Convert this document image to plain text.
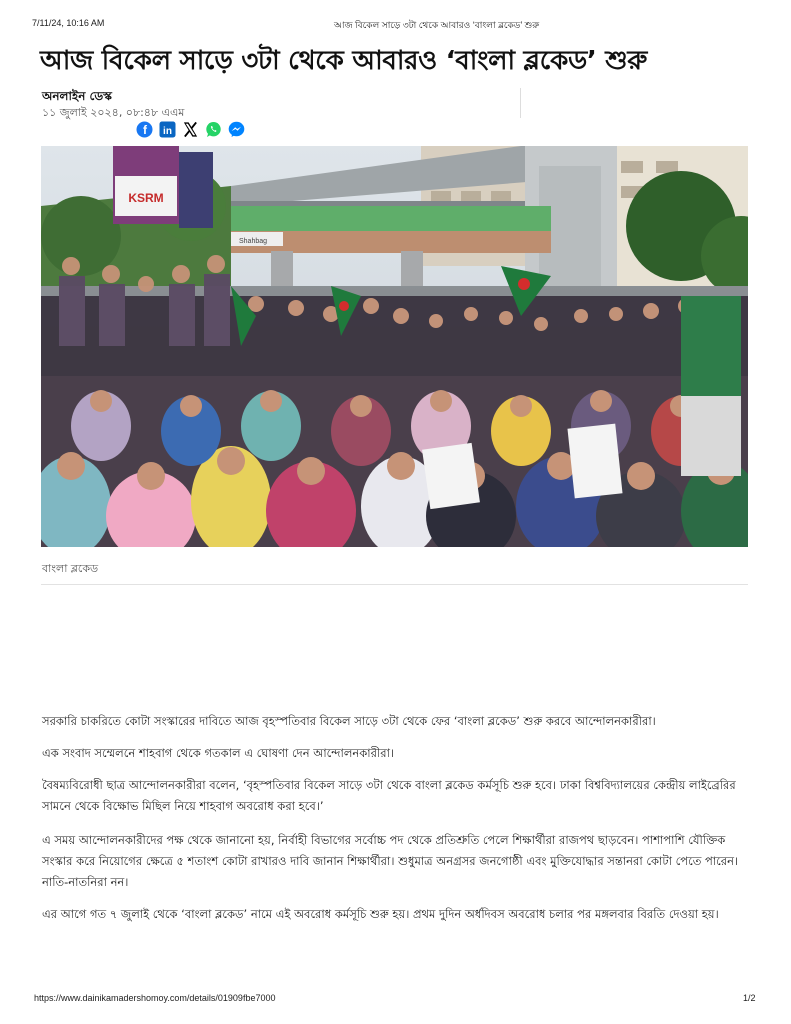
7/11/24, 10:16 AM	আজ বিকেল সাড়ে ৩টা থেকে আবারও ‘বাংলা ব্লকেড’ শুরু
আজ বিকেল সাড়ে ৩টা থেকে আবারও ‘বাংলা ব্লকেড’ শুরু
অনলাইন ডেস্ক
১১ জুলাই ২০২৪, ০৮:৪৮ এএম
f in
Shahbag
KSRM
বাংলা ব্লকেড

সরকারি চাকরিতে কোটা সংস্কারের দাবিতে আজ বৃহস্পতিবার বিকেল সাড়ে ৩টা থেকে ফের ‘বাংলা ব্লকেড’ শুরু করবে আন্দোলনকারীরা।

এক সংবাদ সম্মেলনে শাহবাগ থেকে গতকাল এ ঘোষণা দেন আন্দোলনকারীরা।

বৈষম্যবিরোধী ছাত্র আন্দোলনকারীরা বলেন, ‘বৃহস্পতিবার বিকেল সাড়ে ৩টা থেকে বাংলা ব্লকেড কর্মসূচি শুরু হবে। ঢাকা বিশ্ববিদ্যালয়ের কেন্দ্রীয় লাইব্রেরির সামনে থেকে বিক্ষোভ মিছিল নিয়ে শাহবাগ অবরোধ করা হবে।’

এ সময় আন্দোলনকারীদের পক্ষ থেকে জানানো হয়, নির্বাহী বিভাগের সর্বোচ্চ পদ থেকে প্রতিশ্রুতি পেলে শিক্ষার্থীরা রাজপথ ছাড়বেন। পাশাপাশি যৌক্তিক সংস্কার করে নিয়োগের ক্ষেত্রে ৫ শতাংশ কোটা রাখারও দাবি জানান শিক্ষার্থীরা। শুধুমাত্র অনগ্রসর জনগোষ্ঠী এবং মুক্তিযোদ্ধার সন্তানরা কোটা পেতে পারেন। নাতি-নাতনিরা নন।

এর আগে গত ৭ জুলাই থেকে ‘বাংলা ব্লকেড’ নামে এই অবরোধ কর্মসূচি শুরু হয়। প্রথম দুদিন অর্ধদিবস অবরোধ চলার পর মঙ্গলবার বিরতি দেওয়া হয়।

https://www.dainikamadershomoy.com/details/01909fbe7000	1/2
